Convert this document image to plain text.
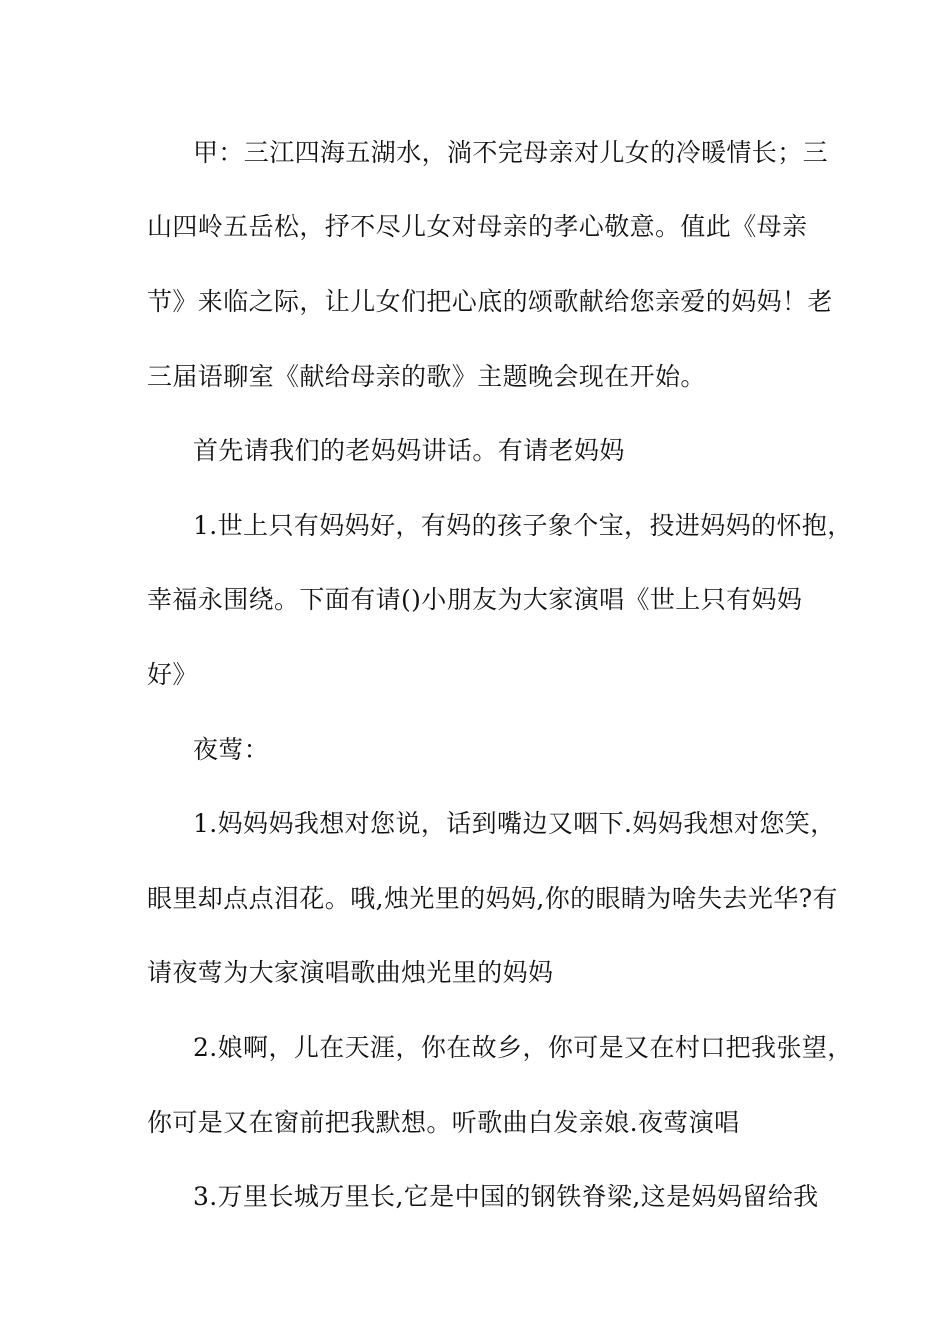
甲：三江四海五湖水，淌不完母亲对儿女的冷暖情长；三
山四岭五岳松，抒不尽儿女对母亲的孝心敬意。值此《母亲
节》来临之际，让儿女们把心底的颂歌献给您亲爱的妈妈！老
三届语聊室《献给母亲的歌》主题晚会现在开始。
首先请我们的老妈妈讲话。有请老妈妈
1.世上只有妈妈好，有妈的孩子象个宝，投进妈妈的怀抱，
幸福永围绕。下面有请()小朋友为大家演唱《世上只有妈妈
好》
夜莺：
1.妈妈妈我想对您说，话到嘴边又咽下.妈妈我想对您笑，
眼里却点点泪花。哦,烛光里的妈妈,你的眼睛为啥失去光华?有
请夜莺为大家演唱歌曲烛光里的妈妈
2.娘啊，儿在天涯，你在故乡，你可是又在村口把我张望，
你可是又在窗前把我默想。听歌曲白发亲娘.夜莺演唱
3.万里长城万里长,它是中国的钢铁脊梁,这是妈妈留给我
